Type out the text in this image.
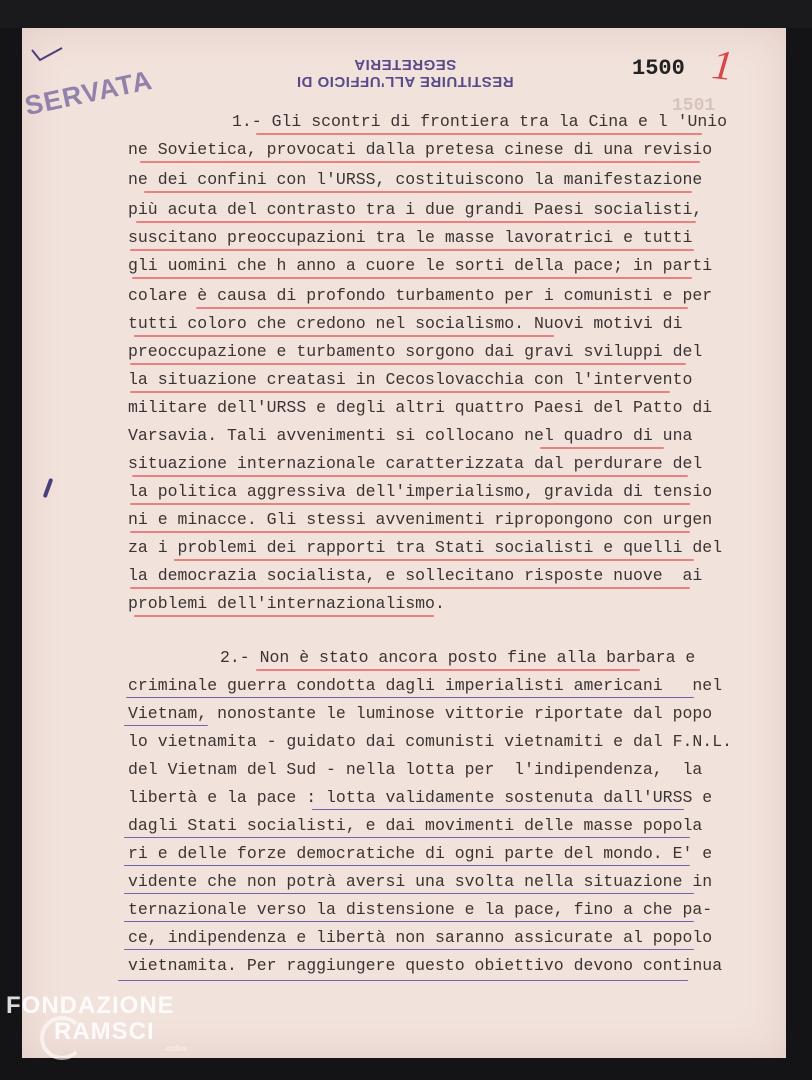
SERVATA	RESTITUIRE ALL'UFFICIO DI SEGRETERIA	1500 1
1501
1.- Gli scontri di frontiera tra la Cina e l 'Unio
ne Sovietica, provocati dalla pretesa cinese di una revisio
ne dei confini con l'URSS, costituiscono la manifestazione
più acuta del contrasto tra i due grandi Paesi socialisti,
suscitano preoccupazioni tra le masse lavoratrici e tutti
gli uomini che h anno a cuore le sorti della pace; in parti
colare è causa di profondo turbamento per i comunisti e per
tutti coloro che credono nel socialismo. Nuovi motivi di
preoccupazione e turbamento sorgono dai gravi sviluppi del
la situazione creatasi in Cecoslovacchia con l'intervento
militare dell'URSS e degli altri quattro Paesi del Patto di
Varsavia. Tali avvenimenti si collocano nel quadro di una
situazione internazionale caratterizzata dal perdurare del
la politica aggressiva dell'imperialismo, gravida di tensio
ni e minacce. Gli stessi avvenimenti ripropongono con urgen
za i problemi dei rapporti tra Stati socialisti e quelli del
la democrazia socialista, e sollecitano risposte nuove  ai
problemi dell'internazionalismo.
2.- Non è stato ancora posto fine alla barbara e
criminale guerra condotta dagli imperialisti americani   nel
Vietnam, nonostante le luminose vittorie riportate dal popo
lo vietnamita - guidato dai comunisti vietnamiti e dal F.N.L.
del Vietnam del Sud - nella lotta per  l'indipendenza,  la
libertà e la pace : lotta validamente sostenuta dall'URSS e
dagli Stati socialisti, e dai movimenti delle masse popola
ri e delle forze democratiche di ogni parte del mondo. E' e
vidente che non potrà aversi una svolta nella situazione in
ternazionale verso la distensione e la pace, fino a che pa-
ce, indipendenza e libertà non saranno assicurate al popolo
vietnamita. Per raggiungere questo obiettivo devono continua
FONDAZIONE
RAMSCI
onlus
